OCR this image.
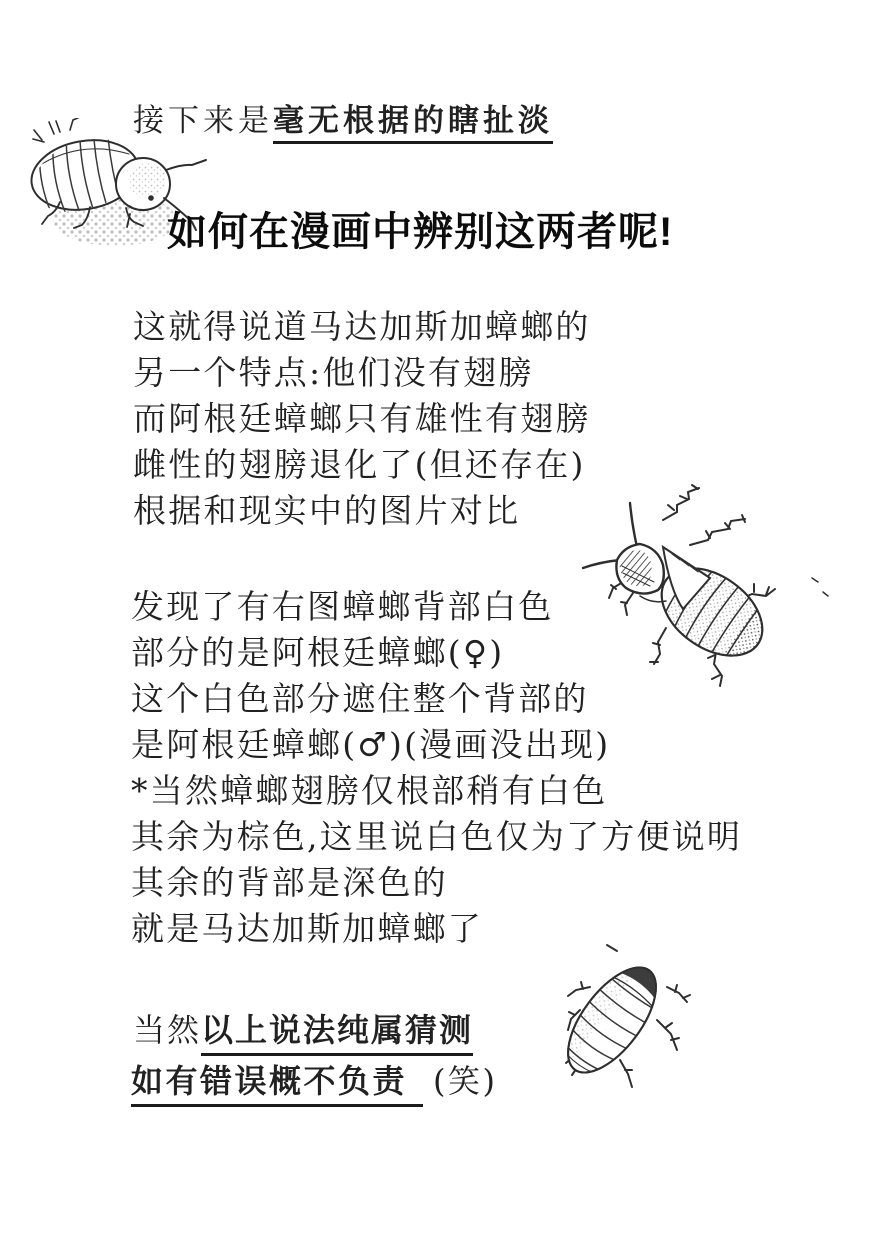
接下来是毫无根据的瞎扯淡
如何在漫画中辨别这两者呢!
这就得说道马达加斯加蟑螂的
另一个特点:他们没有翅膀
而阿根廷蟑螂只有雄性有翅膀
雌性的翅膀退化了(但还存在)
根据和现实中的图片对比
发现了有右图蟑螂背部白色
部分的是阿根廷蟑螂(♀)
这个白色部分遮住整个背部的
是阿根廷蟑螂(♂)(漫画没出现)
*当然蟑螂翅膀仅根部稍有白色
其余为棕色,这里说白色仅为了方便说明
其余的背部是深色的
就是马达加斯加蟑螂了
当然以上说法纯属猜测
如有错误概不负责 (笑)
